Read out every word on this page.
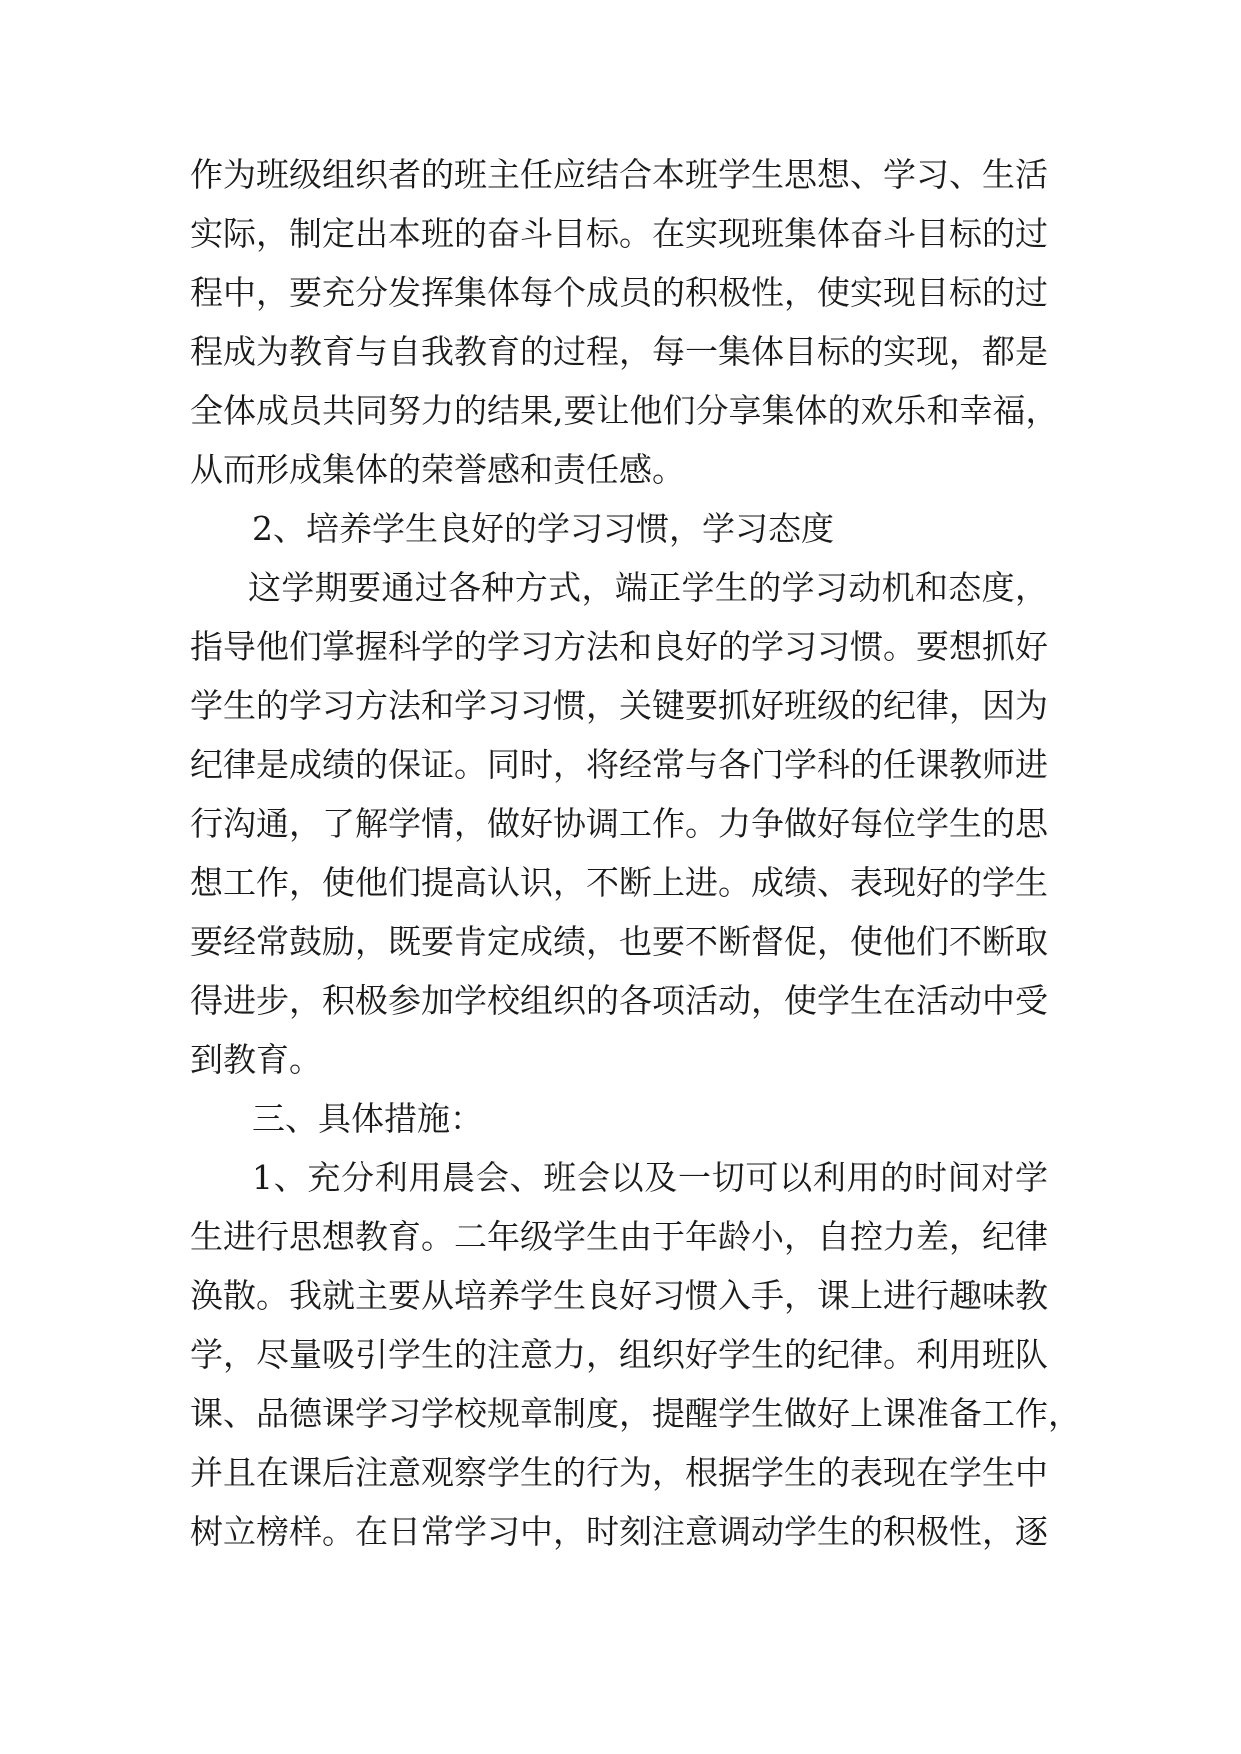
作为班级组织者的班主任应结合本班学生思想、学习、生活
实际，制定出本班的奋斗目标。在实现班集体奋斗目标的过
程中，要充分发挥集体每个成员的积极性，使实现目标的过
程成为教育与自我教育的过程，每一集体目标的实现，都是
全体成员共同努力的结果,要让他们分享集体的欢乐和幸福，
从而形成集体的荣誉感和责任感。
2、培养学生良好的学习习惯，学习态度
这学期要通过各种方式，端正学生的学习动机和态度，
指导他们掌握科学的学习方法和良好的学习习惯。要想抓好
学生的学习方法和学习习惯，关键要抓好班级的纪律，因为
纪律是成绩的保证。同时，将经常与各门学科的任课教师进
行沟通，了解学情，做好协调工作。力争做好每位学生的思
想工作，使他们提高认识，不断上进。成绩、表现好的学生
要经常鼓励，既要肯定成绩，也要不断督促，使他们不断取
得进步，积极参加学校组织的各项活动，使学生在活动中受
到教育。
三、具体措施：
1、充分利用晨会、班会以及一切可以利用的时间对学
生进行思想教育。二年级学生由于年龄小，自控力差，纪律
涣散。我就主要从培养学生良好习惯入手，课上进行趣味教
学，尽量吸引学生的注意力，组织好学生的纪律。利用班队
课、品德课学习学校规章制度，提醒学生做好上课准备工作，
并且在课后注意观察学生的行为，根据学生的表现在学生中
树立榜样。在日常学习中，时刻注意调动学生的积极性，逐
